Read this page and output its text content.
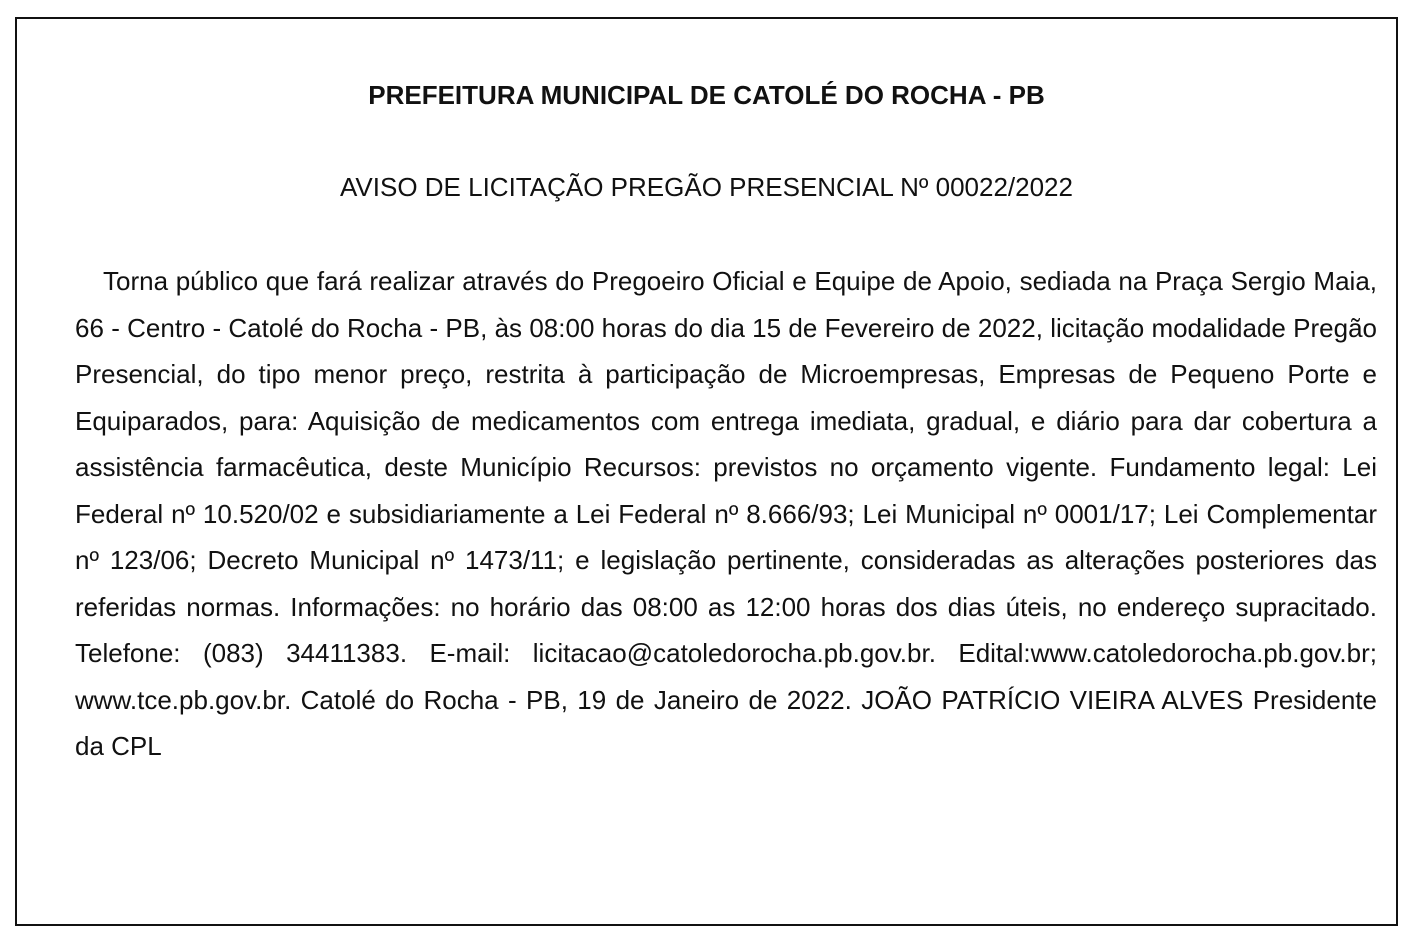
PREFEITURA MUNICIPAL DE CATOLÉ DO ROCHA - PB
AVISO DE LICITAÇÃO PREGÃO PRESENCIAL Nº 00022/2022

Torna público que fará realizar através do Pregoeiro Oficial e Equipe de Apoio, sediada na Praça Sergio Maia, 66 - Centro - Catolé do Rocha - PB, às 08:00 horas do dia 15 de Fevereiro de 2022, licitação modalidade Pregão Presencial, do tipo menor preço, restrita à participação de Microempresas, Empresas de Pequeno Porte e Equiparados, para: Aquisição de medicamentos com entrega imediata, gradual, e diário para dar cobertura a assistência farmacêutica, deste Município Recursos: previstos no orçamento vigente. Fundamento legal: Lei Federal nº 10.520/02 e subsidiariamente a Lei Federal nº 8.666/93; Lei Municipal nº 0001/17; Lei Complementar nº 123/06; Decreto Municipal nº 1473/11; e legislação pertinente, consideradas as alterações posteriores das referidas normas. Informações: no horário das 08:00 as 12:00 horas dos dias úteis, no endereço supracitado. Telefone: (083) 34411383. E-mail: licitacao@catoledorocha.pb.gov.br. Edital:www.catoledorocha.pb.gov.br; www.tce.pb.gov.br. Catolé do Rocha - PB, 19 de Janeiro de 2022. JOÃO PATRÍCIO VIEIRA ALVES Presidente da CPL
